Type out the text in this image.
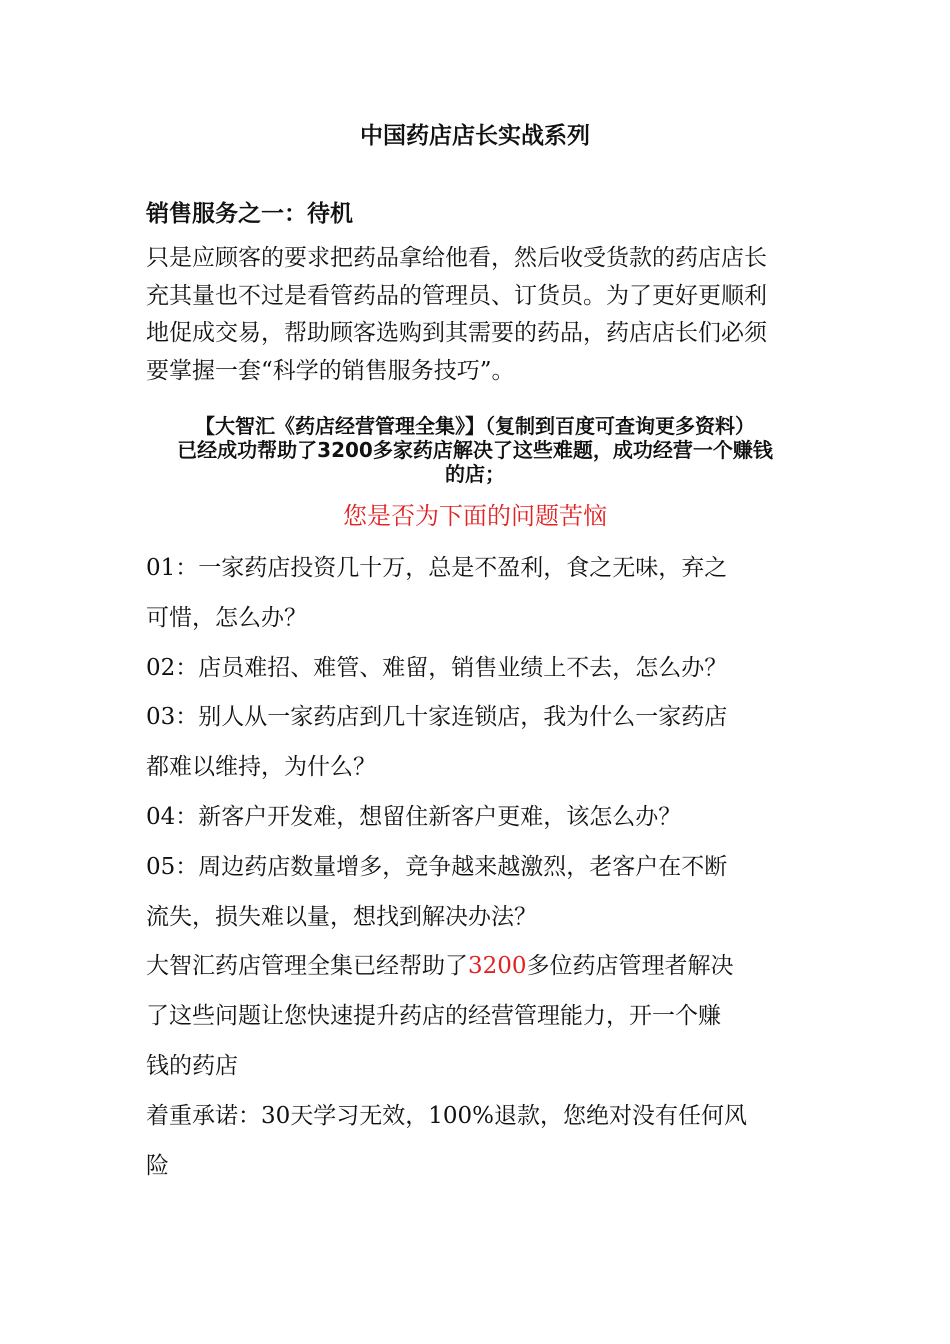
中国药店店长实战系列
销售服务之一：待机

只是应顾客的要求把药品拿给他看，然后收受货款的药店店长
充其量也不过是看管药品的管理员、订货员。为了更好更顺利
地促成交易，帮助顾客选购到其需要的药品，药店店长们必须
要掌握一套“科学的销售服务技巧”。

【大智汇《药店经营管理全集》】（复制到百度可查询更多资料）
已经成功帮助了3200多家药店解决了这些难题，成功经营一个赚钱
的店；
您是否为下面的问题苦恼
01：一家药店投资几十万，总是不盈利，食之无味，弃之
可惜，怎么办？
02：店员难招、难管、难留，销售业绩上不去，怎么办？
03：别人从一家药店到几十家连锁店，我为什么一家药店
都难以维持，为什么？
04：新客户开发难，想留住新客户更难，该怎么办？
05：周边药店数量增多，竞争越来越激烈，老客户在不断
流失，损失难以量，想找到解决办法？
大智汇药店管理全集已经帮助了3200多位药店管理者解决
了这些问题让您快速提升药店的经营管理能力，开一个赚
钱的药店
着重承诺：30天学习无效，100%退款，您绝对没有任何风
险
